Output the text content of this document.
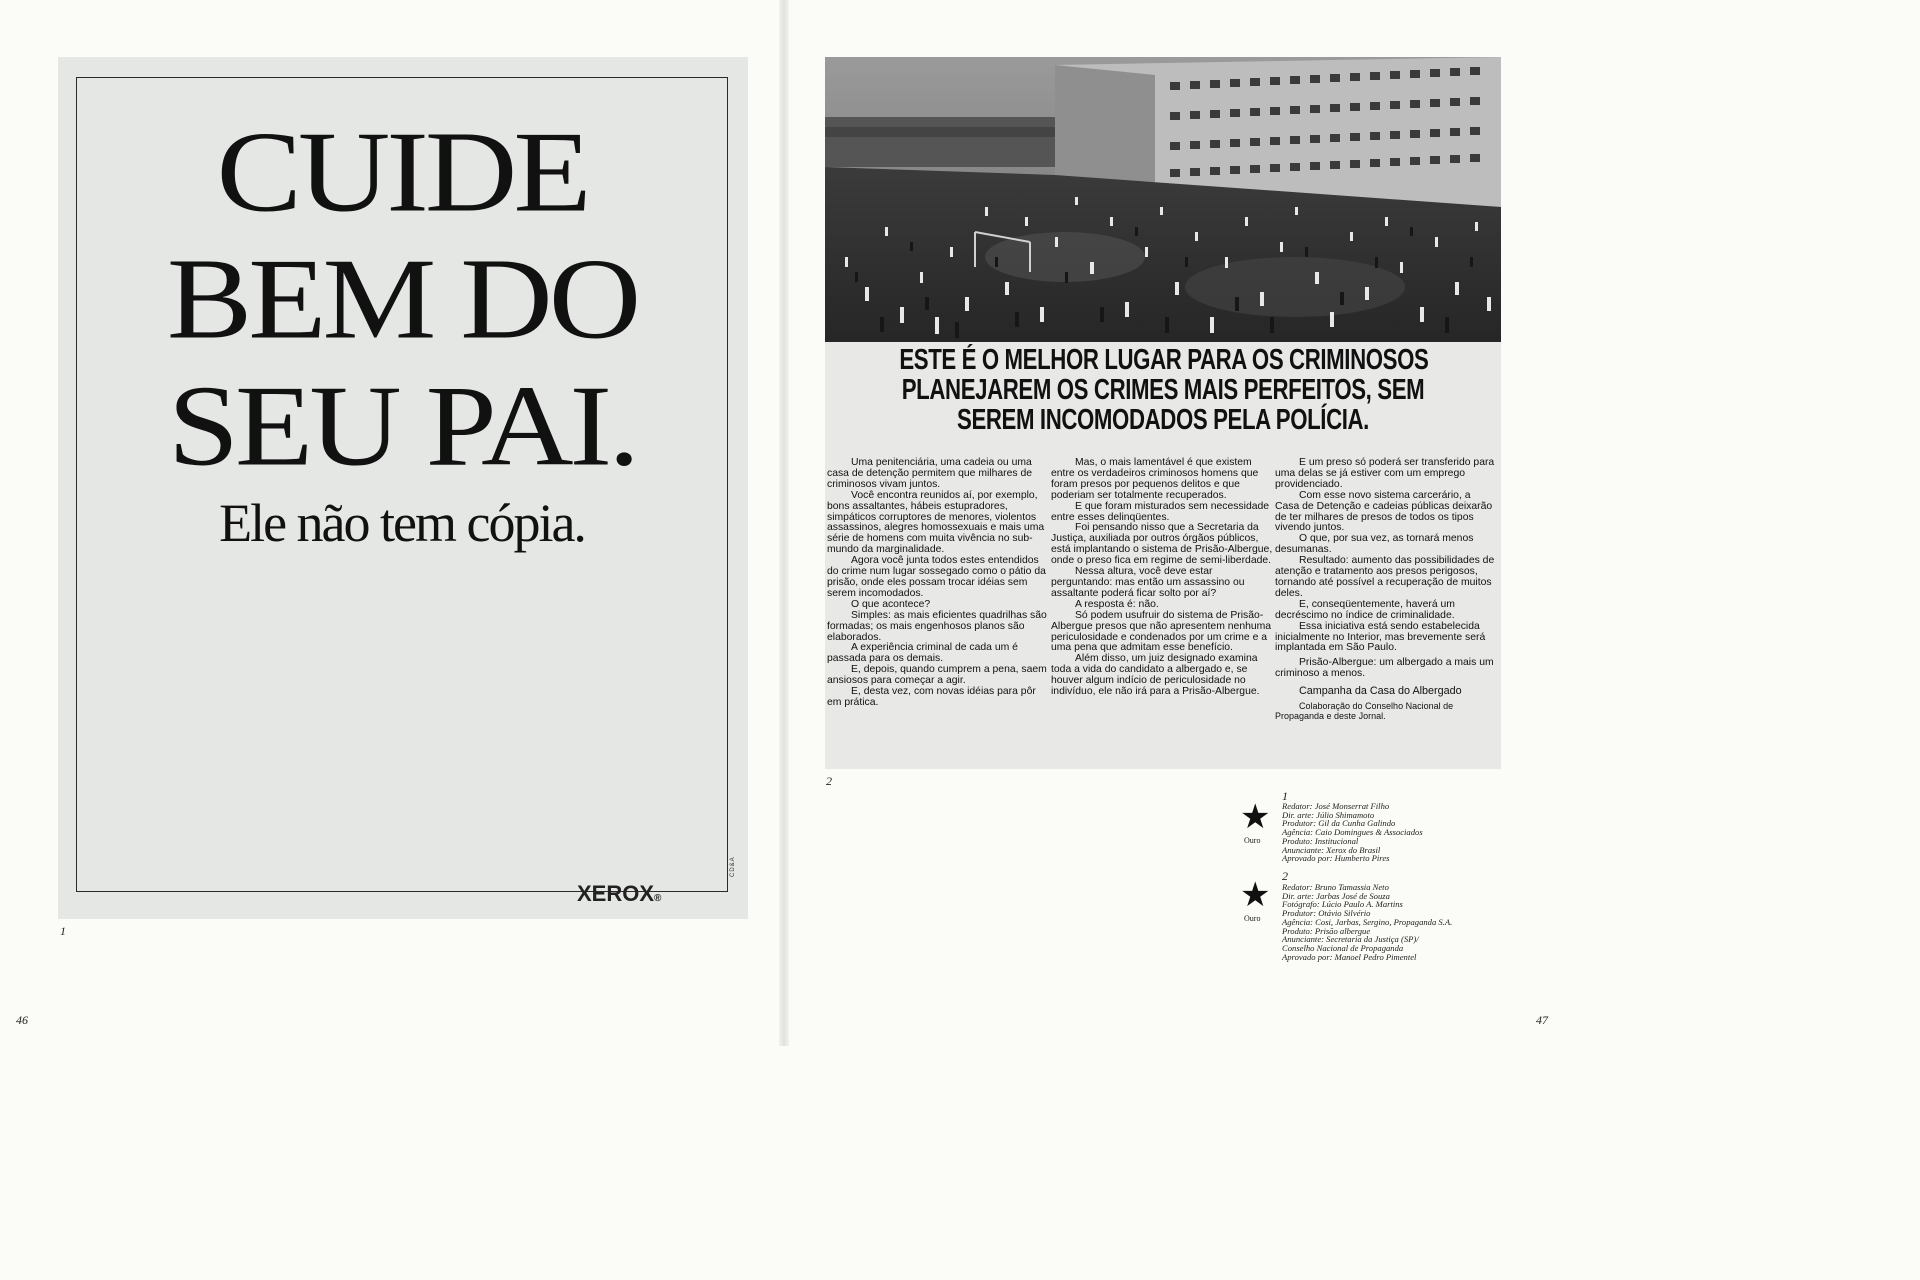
CUIDE
BEM DO
SEU PAI.
Ele não tem cópia.
XEROX®
CD&A
1
46
ESTE É O MELHOR LUGAR PARA OS CRIMINOSOS
PLANEJAREM OS CRIMES MAIS PERFEITOS, SEM
SEREM INCOMODADOS PELA POLÍCIA.

Uma penitenciária, uma cadeia ou uma casa de detenção permitem que milhares de criminosos vivam juntos.

Você encontra reunidos aí, por exemplo, bons assaltantes, hábeis estupradores, simpáticos corruptores de menores, violentos assassinos, alegres homossexuais e mais uma série de homens com muita vivência no sub-mundo da marginalidade.

Agora você junta todos estes entendidos do crime num lugar sossegado como o pátio da prisão, onde eles possam trocar idéias sem serem incomodados.

O que acontece?

Simples: as mais eficientes quadrilhas são formadas; os mais engenhosos planos são elaborados.

A experiência criminal de cada um é passada para os demais.

E, depois, quando cumprem a pena, saem ansiosos para começar a agir.

E, desta vez, com novas idéias para pôr em prática.

Mas, o mais lamentável é que existem entre os verdadeiros criminosos homens que foram presos por pequenos delitos e que poderiam ser totalmente recuperados.

E que foram misturados sem necessidade entre esses delinqüentes.

Foi pensando nisso que a Secretaria da Justiça, auxiliada por outros órgãos públicos, está implantando o sistema de Prisão-Albergue, onde o preso fica em regime de semi-liberdade.

Nessa altura, você deve estar perguntando: mas então um assassino ou assaltante poderá ficar solto por aí?

A resposta é: não.

Só podem usufruir do sistema de Prisão-Albergue presos que não apresentem nenhuma periculosidade e condenados por um crime e a uma pena que admitam esse benefício.

Além disso, um juiz designado examina toda a vida do candidato a albergado e, se houver algum indício de periculosidade no indivíduo, ele não irá para a Prisão-Albergue.

E um preso só poderá ser transferido para uma delas se já estiver com um emprego providenciado.

Com esse novo sistema carcerário, a Casa de Detenção e cadeias públicas deixarão de ter milhares de presos de todos os tipos vivendo juntos.

O que, por sua vez, as tornará menos desumanas.

Resultado: aumento das possibilidades de atenção e tratamento aos presos perigosos, tornando até possível a recuperação de muitos deles.

E, conseqüentemente, haverá um decréscimo no índice de criminalidade.

Essa iniciativa está sendo estabelecida inicialmente no Interior, mas brevemente será implantada em São Paulo.

Prisão-Albergue: um albergado a mais um criminoso a menos.

Campanha da Casa do Albergado

Colaboração do Conselho Nacional de Propaganda e deste Jornal.

2
1
★
Ouro
Redator: José Monserrat Filho
Dir. arte: Júlio Shimamoto
Produtor: Gil da Cunha Galindo
Agência: Caio Domingues & Associados
Produto: Institucional
Anunciante: Xerox do Brasil
Aprovado por: Humberto Pires
2
★
Ouro
Redator: Bruno Tamassia Neto
Dir. arte: Jarbas José de Souza
Fotógrafo: Lúcio Paulo A. Martins
Produtor: Otávio Silvério
Agência: Cosi, Jarbas, Sergino, Propaganda S.A.
Produto: Prisão albergue
Anunciante: Secretaria da Justiça (SP)/
Conselho Nacional de Propaganda
Aprovado por: Manoel Pedro Pimentel
47
